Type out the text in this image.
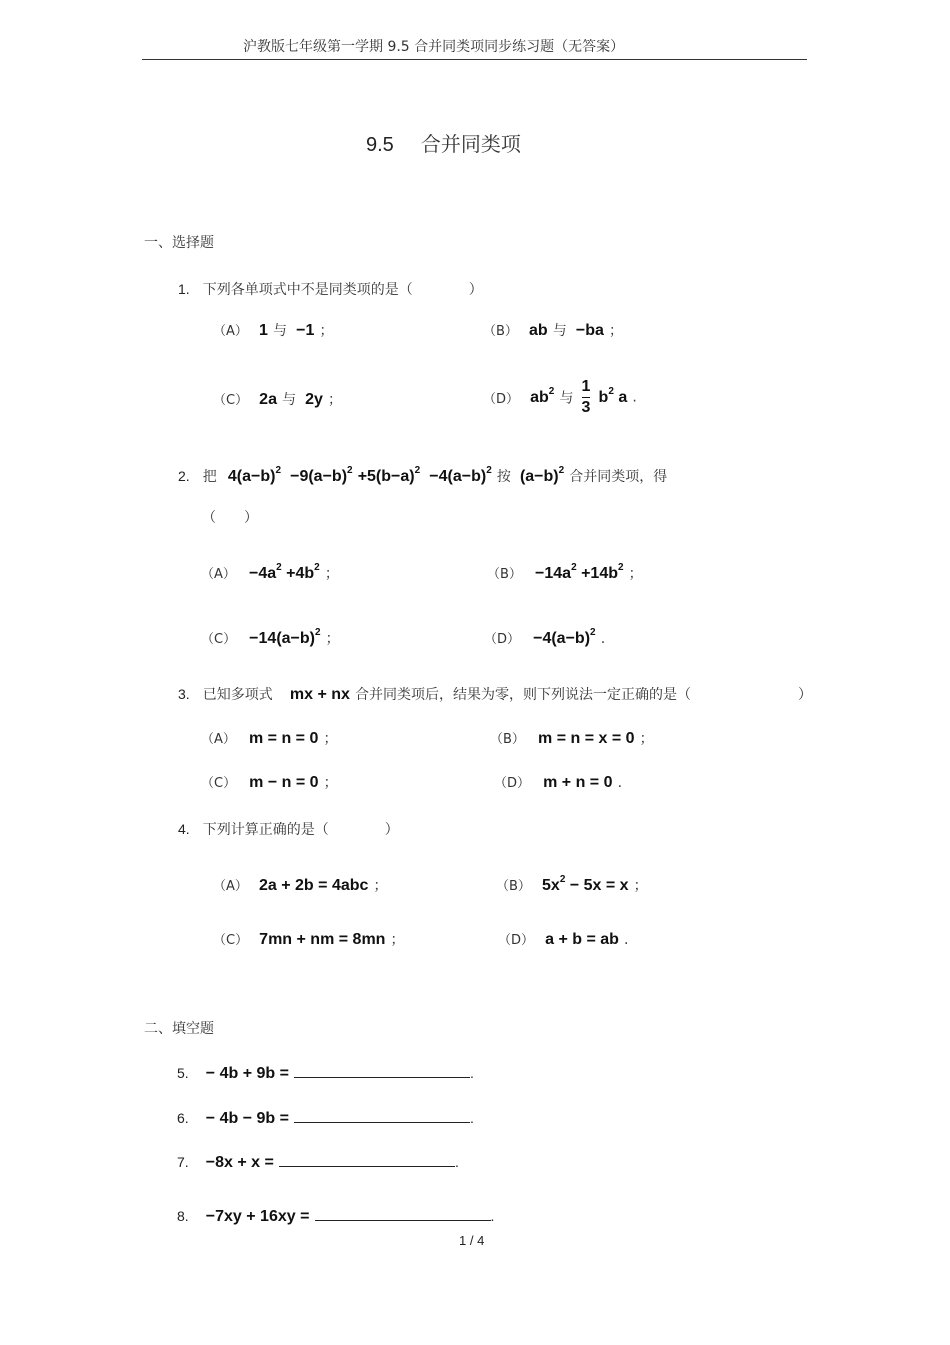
沪教版七年级第一学期 9.5 合并同类项同步练习题（无答案）
9.5 合并同类项
一、选择题
1. 下列各单项式中不是同类项的是（　　　　）
（A） 1 与 −1 ；	（B） ab 与 −ba ；
（C） 2a 与 2y ；	（D） $ab^2$ 与 $\frac{1}{3} b^2$ a .
2. 把 $4(a-b)^2 -9(a-b)^2 +5(b-a)^2 -4(a-b)^2$ 按 $(a-b)^2$ 合并同类项，得
（　　）
$(A) -4a^2 +4b^2$ ；	$(B) -14a^2 +14b^2$ ；
$(C) -14(a-b)^2$ ；	$(D) -4(a-b)^2$ .
3. 已知多项式 mx + nx 合并同类项后，结果为零，则下列说法一定正确的是（	）
（A） m = n = 0 ；	（B） m = n = x = 0 ；
（C） m − n = 0 ；	（D） m + n = 0 .
4. 下列计算正确的是（　　　　）
（A） 2a + 2b = 4abc ；	（B） $5x^2 - 5x = x$ ；
（C） 7mn + nm = 8mn ；	（D） a + b = ab .
二、填空题
5. − 4b + 9b =	.
6. − 4b − 9b =	.
7. −8x + x =	.
8. −7xy + 16xy =	.
1 / 4
